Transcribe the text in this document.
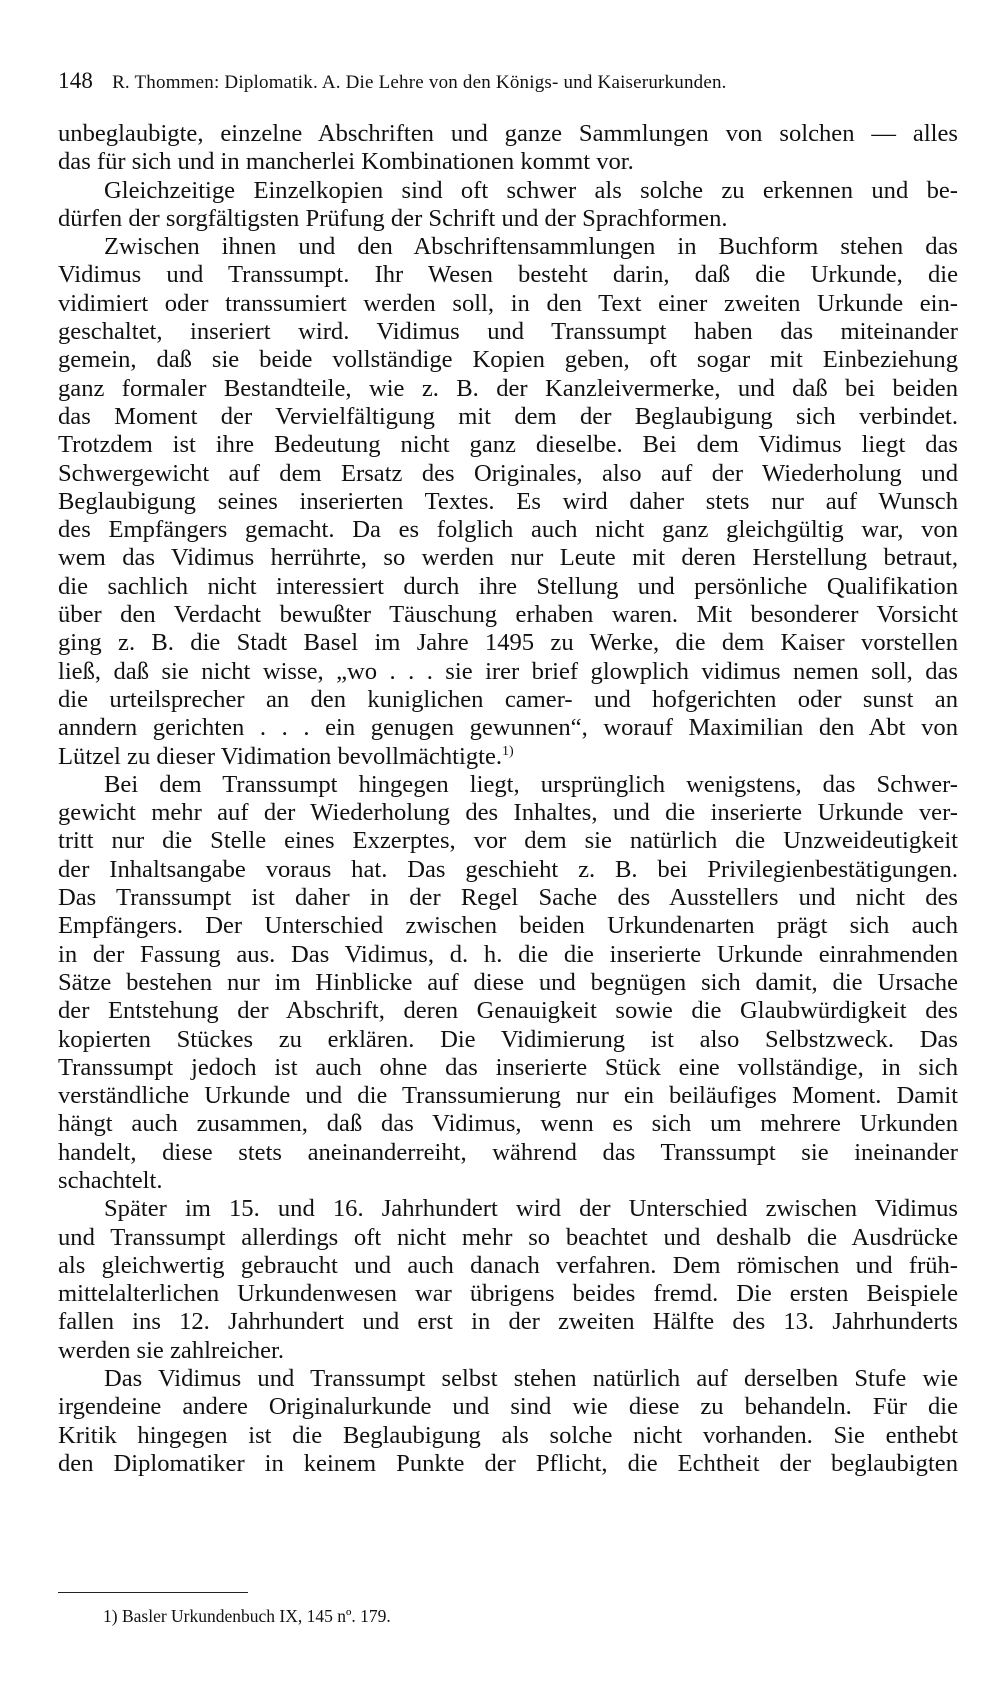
148 R. Thommen: Diplomatik. A. Die Lehre von den Königs- und Kaiserurkunden.
unbeglaubigte, einzelne Abschriften und ganze Sammlungen von solchen — alles
das für sich und in mancherlei Kombinationen kommt vor.
Gleichzeitige Einzelkopien sind oft schwer als solche zu erkennen und be-
dürfen der sorgfältigsten Prüfung der Schrift und der Sprachformen.
Zwischen ihnen und den Abschriftensammlungen in Buchform stehen das
Vidimus und Transsumpt. Ihr Wesen besteht darin, daß die Urkunde, die
vidimiert oder transsumiert werden soll, in den Text einer zweiten Urkunde ein-
geschaltet, inseriert wird. Vidimus und Transsumpt haben das miteinander
gemein, daß sie beide vollständige Kopien geben, oft sogar mit Einbeziehung
ganz formaler Bestandteile, wie z. B. der Kanzleivermerke, und daß bei beiden
das Moment der Vervielfältigung mit dem der Beglaubigung sich verbindet.
Trotzdem ist ihre Bedeutung nicht ganz dieselbe. Bei dem Vidimus liegt das
Schwergewicht auf dem Ersatz des Originales, also auf der Wiederholung und
Beglaubigung seines inserierten Textes. Es wird daher stets nur auf Wunsch
des Empfängers gemacht. Da es folglich auch nicht ganz gleichgültig war, von
wem das Vidimus herrührte, so werden nur Leute mit deren Herstellung betraut,
die sachlich nicht interessiert durch ihre Stellung und persönliche Qualifikation
über den Verdacht bewußter Täuschung erhaben waren. Mit besonderer Vorsicht
ging z. B. die Stadt Basel im Jahre 1495 zu Werke, die dem Kaiser vorstellen
ließ, daß sie nicht wisse, „wo . . . sie irer brief glowplich vidimus nemen soll, das
die urteilsprecher an den kuniglichen camer- und hofgerichten oder sunst an
anndern gerichten . . . ein genugen gewunnen“, worauf Maximilian den Abt von
Lützel zu dieser Vidimation bevollmächtigte.$^{1)}$
Bei dem Transsumpt hingegen liegt, ursprünglich wenigstens, das Schwer-
gewicht mehr auf der Wiederholung des Inhaltes, und die inserierte Urkunde ver-
tritt nur die Stelle eines Exzerptes, vor dem sie natürlich die Unzweideutigkeit
der Inhaltsangabe voraus hat. Das geschieht z. B. bei Privilegienbestätigungen.
Das Transsumpt ist daher in der Regel Sache des Ausstellers und nicht des
Empfängers. Der Unterschied zwischen beiden Urkundenarten prägt sich auch
in der Fassung aus. Das Vidimus, d. h. die die inserierte Urkunde einrahmenden
Sätze bestehen nur im Hinblicke auf diese und begnügen sich damit, die Ursache
der Entstehung der Abschrift, deren Genauigkeit sowie die Glaubwürdigkeit des
kopierten Stückes zu erklären. Die Vidimierung ist also Selbstzweck. Das
Transsumpt jedoch ist auch ohne das inserierte Stück eine vollständige, in sich
verständliche Urkunde und die Transsumierung nur ein beiläufiges Moment. Damit
hängt auch zusammen, daß das Vidimus, wenn es sich um mehrere Urkunden
handelt, diese stets aneinanderreiht, während das Transsumpt sie ineinander
schachtelt.
Später im 15. und 16. Jahrhundert wird der Unterschied zwischen Vidimus
und Transsumpt allerdings oft nicht mehr so beachtet und deshalb die Ausdrücke
als gleichwertig gebraucht und auch danach verfahren. Dem römischen und früh-
mittelalterlichen Urkundenwesen war übrigens beides fremd. Die ersten Beispiele
fallen ins 12. Jahrhundert und erst in der zweiten Hälfte des 13. Jahrhunderts
werden sie zahlreicher.
Das Vidimus und Transsumpt selbst stehen natürlich auf derselben Stufe wie
irgendeine andere Originalurkunde und sind wie diese zu behandeln. Für die
Kritik hingegen ist die Beglaubigung als solche nicht vorhanden. Sie enthebt
den Diplomatiker in keinem Punkte der Pflicht, die Echtheit der beglaubigten
1) Basler Urkundenbuch IX, 145 nº. 179.
